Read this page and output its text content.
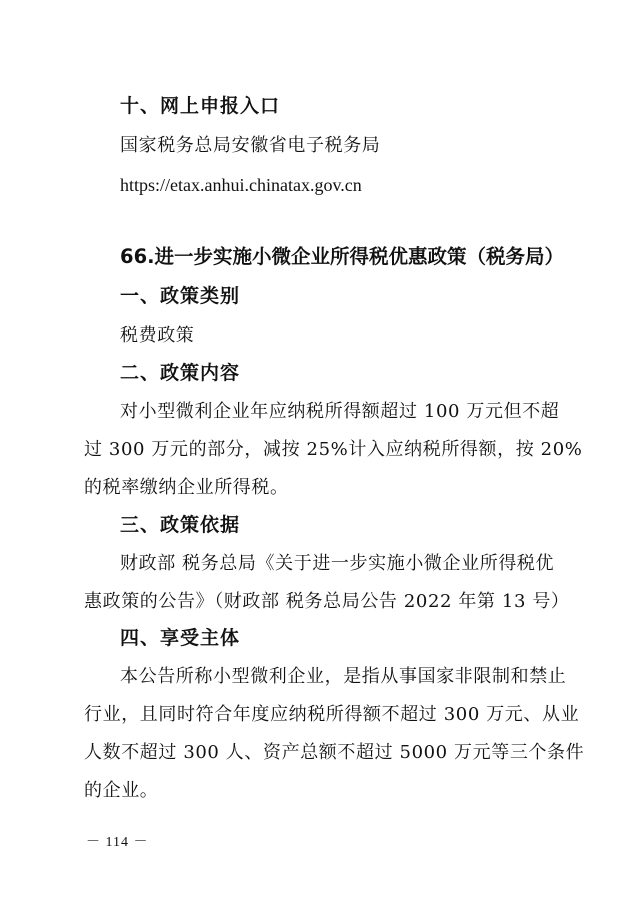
十、网上申报入口
国家税务总局安徽省电子税务局
https://etax.anhui.chinatax.gov.cn
66.进一步实施小微企业所得税优惠政策（税务局）
一、政策类别
税费政策
二、政策内容
对小型微利企业年应纳税所得额超过 100 万元但不超
过 300 万元的部分，减按 25%计入应纳税所得额，按 20%
的税率缴纳企业所得税。
三、政策依据
财政部 税务总局《关于进一步实施小微企业所得税优
惠政策的公告》（财政部 税务总局公告 2022 年第 13 号）
四、享受主体
本公告所称小型微利企业，是指从事国家非限制和禁止
行业，且同时符合年度应纳税所得额不超过 300 万元、从业
人数不超过 300 人、资产总额不超过 5000 万元等三个条件
的企业。
－ 114 －
